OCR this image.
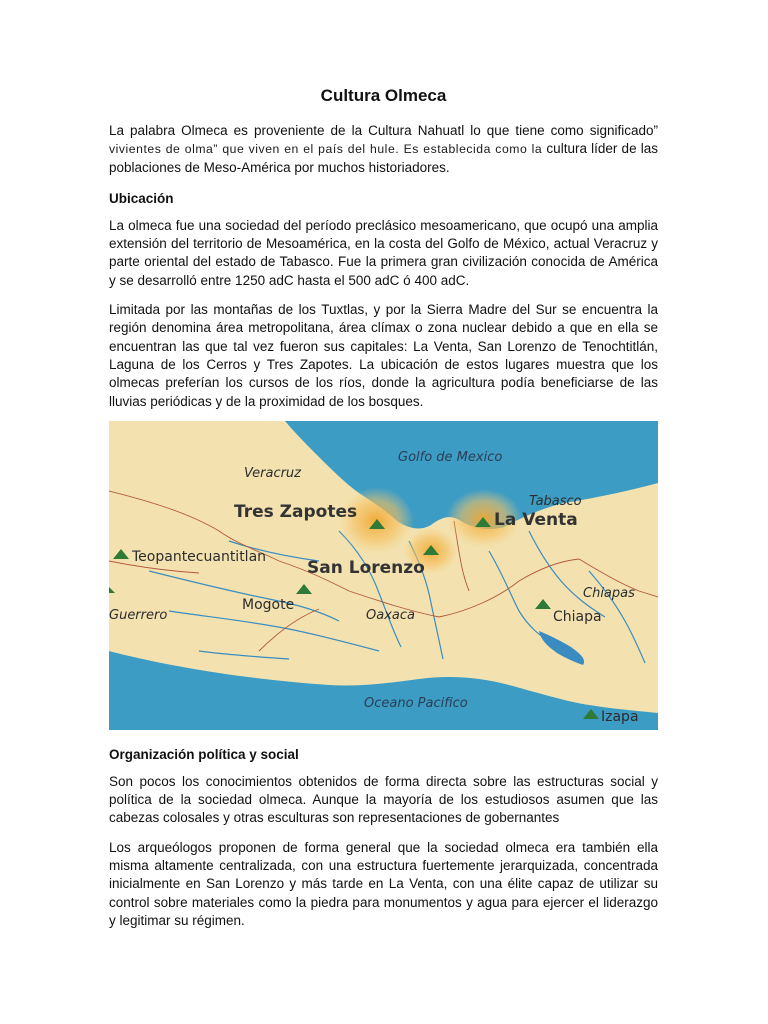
Cultura Olmeca

La palabra Olmeca es proveniente de la Cultura Nahuatl lo que tiene como significado” vivientes de olma” que viven en el país del hule. Es establecida como la cultura líder de las poblaciones de Meso-América por muchos historiadores.

Ubicación

La olmeca fue una sociedad del período preclásico mesoamericano, que ocupó una amplia extensión del territorio de Mesoamérica, en la costa del Golfo de México, actual Veracruz y parte oriental del estado de Tabasco. Fue la primera gran civilización conocida de América y se desarrolló entre 1250 adC hasta el 500 adC ó 400 adC.

Limitada por las montañas de los Tuxtlas, y por la Sierra Madre del Sur se encuentra la región denomina área metropolitana, área clímax o zona nuclear debido a que en ella se encuentran las que tal vez fueron sus capitales: La Venta, San Lorenzo de Tenochtitlán, Laguna de los Cerros y Tres Zapotes. La ubicación de estos lugares muestra que los olmecas preferían los cursos de los ríos, donde la agricultura podía beneficiarse de las lluvias periódicas y de la proximidad de los bosques.

Golfo de Mexico
Veracruz
Tabasco
Tres Zapotes	La Venta
San Lorenzo
Teopantecuantitlan
Guerrero
Mogote
Oaxaca
Chiapas
Chiapa
Oceano Pacifico
Izapa
Organización política y social

Son pocos los conocimientos obtenidos de forma directa sobre las estructuras social y política de la sociedad olmeca. Aunque la mayoría de los estudiosos asumen que las cabezas colosales y otras esculturas son representaciones de gobernantes

Los arqueólogos proponen de forma general que la sociedad olmeca era también ella misma altamente centralizada, con una estructura fuertemente jerarquizada, concentrada inicialmente en San Lorenzo y más tarde en La Venta, con una élite capaz de utilizar su control sobre materiales como la piedra para monumentos y agua para ejercer el liderazgo y legitimar su régimen.
